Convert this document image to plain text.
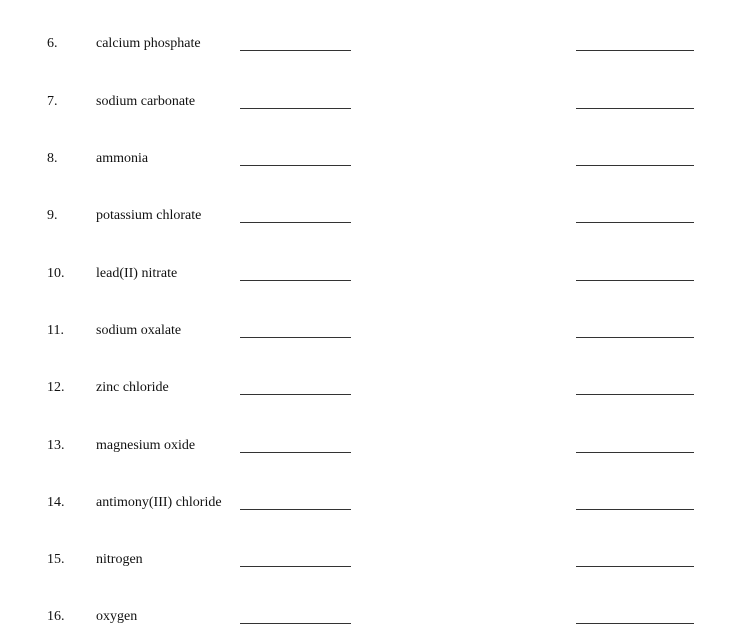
6.	calcium phosphate
7.	sodium carbonate
8.	ammonia
9.	potassium chlorate
10. lead(II) nitrate
11. sodium oxalate
12. zinc chloride
13. magnesium oxide
14. antimony(III) chloride
15. nitrogen
16. oxygen
